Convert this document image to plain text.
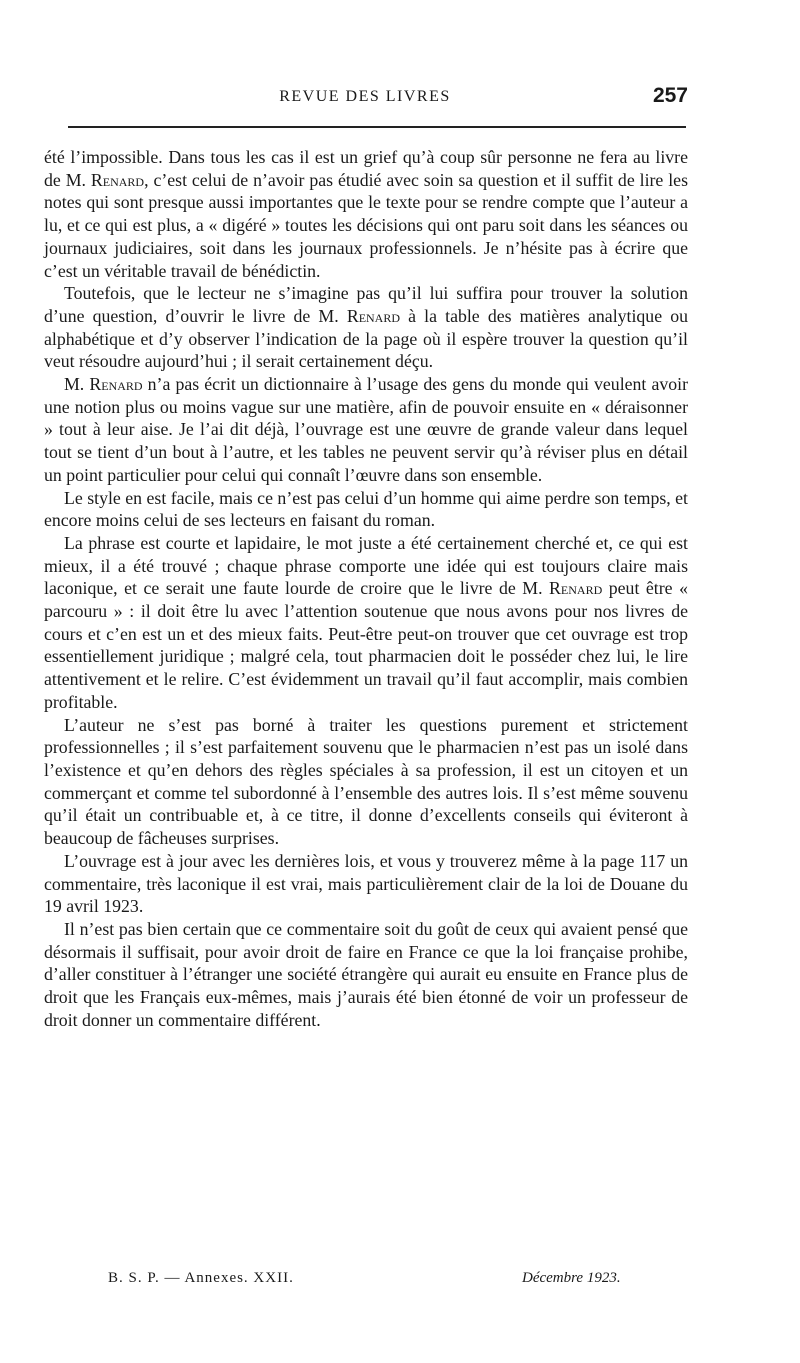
REVUE DES LIVRES	257

été l’impossible. Dans tous les cas il est un grief qu’à coup sûr personne ne fera au livre de M. Renard, c’est celui de n’avoir pas étudié avec soin sa question et il suffit de lire les notes qui sont presque aussi importantes que le texte pour se rendre compte que l’auteur a lu, et ce qui est plus, a « digéré » toutes les décisions qui ont paru soit dans les séances ou journaux judiciaires, soit dans les journaux professionnels. Je n’hésite pas à écrire que c’est un véritable travail de bénédictin.

Toutefois, que le lecteur ne s’imagine pas qu’il lui suffira pour trouver la solution d’une question, d’ouvrir le livre de M. Renard à la table des matières analytique ou alphabétique et d’y observer l’indication de la page où il espère trouver la question qu’il veut résoudre aujourd’hui ; il serait certainement déçu.

M. Renard n’a pas écrit un dictionnaire à l’usage des gens du monde qui veulent avoir une notion plus ou moins vague sur une matière, afin de pouvoir ensuite en « déraisonner » tout à leur aise. Je l’ai dit déjà, l’ouvrage est une œuvre de grande valeur dans lequel tout se tient d’un bout à l’autre, et les tables ne peuvent servir qu’à réviser plus en détail un point particulier pour celui qui connaît l’œuvre dans son ensemble.

Le style en est facile, mais ce n’est pas celui d’un homme qui aime perdre son temps, et encore moins celui de ses lecteurs en faisant du roman.

La phrase est courte et lapidaire, le mot juste a été certainement cherché et, ce qui est mieux, il a été trouvé ; chaque phrase comporte une idée qui est toujours claire mais laconique, et ce serait une faute lourde de croire que le livre de M. Renard peut être « parcouru » : il doit être lu avec l’attention soutenue que nous avons pour nos livres de cours et c’en est un et des mieux faits. Peut-être peut-on trouver que cet ouvrage est trop essentiellement juridique ; malgré cela, tout pharmacien doit le posséder chez lui, le lire attentivement et le relire. C’est évidemment un travail qu’il faut accomplir, mais combien profitable.

L’auteur ne s’est pas borné à traiter les questions purement et strictement professionnelles ; il s’est parfaitement souvenu que le pharmacien n’est pas un isolé dans l’existence et qu’en dehors des règles spéciales à sa profession, il est un citoyen et un commerçant et comme tel subordonné à l’ensemble des autres lois. Il s’est même souvenu qu’il était un contribuable et, à ce titre, il donne d’excellents conseils qui éviteront à beaucoup de fâcheuses surprises.

L’ouvrage est à jour avec les dernières lois, et vous y trouverez même à la page 117 un commentaire, très laconique il est vrai, mais particulièrement clair de la loi de Douane du 19 avril 1923.

Il n’est pas bien certain que ce commentaire soit du goût de ceux qui avaient pensé que désormais il suffisait, pour avoir droit de faire en France ce que la loi française prohibe, d’aller constituer à l’étranger une société étrangère qui aurait eu ensuite en France plus de droit que les Français eux-mêmes, mais j’aurais été bien étonné de voir un professeur de droit donner un commentaire différent.

B. S. P. — Annexes. XXII.	Décembre 1923.
